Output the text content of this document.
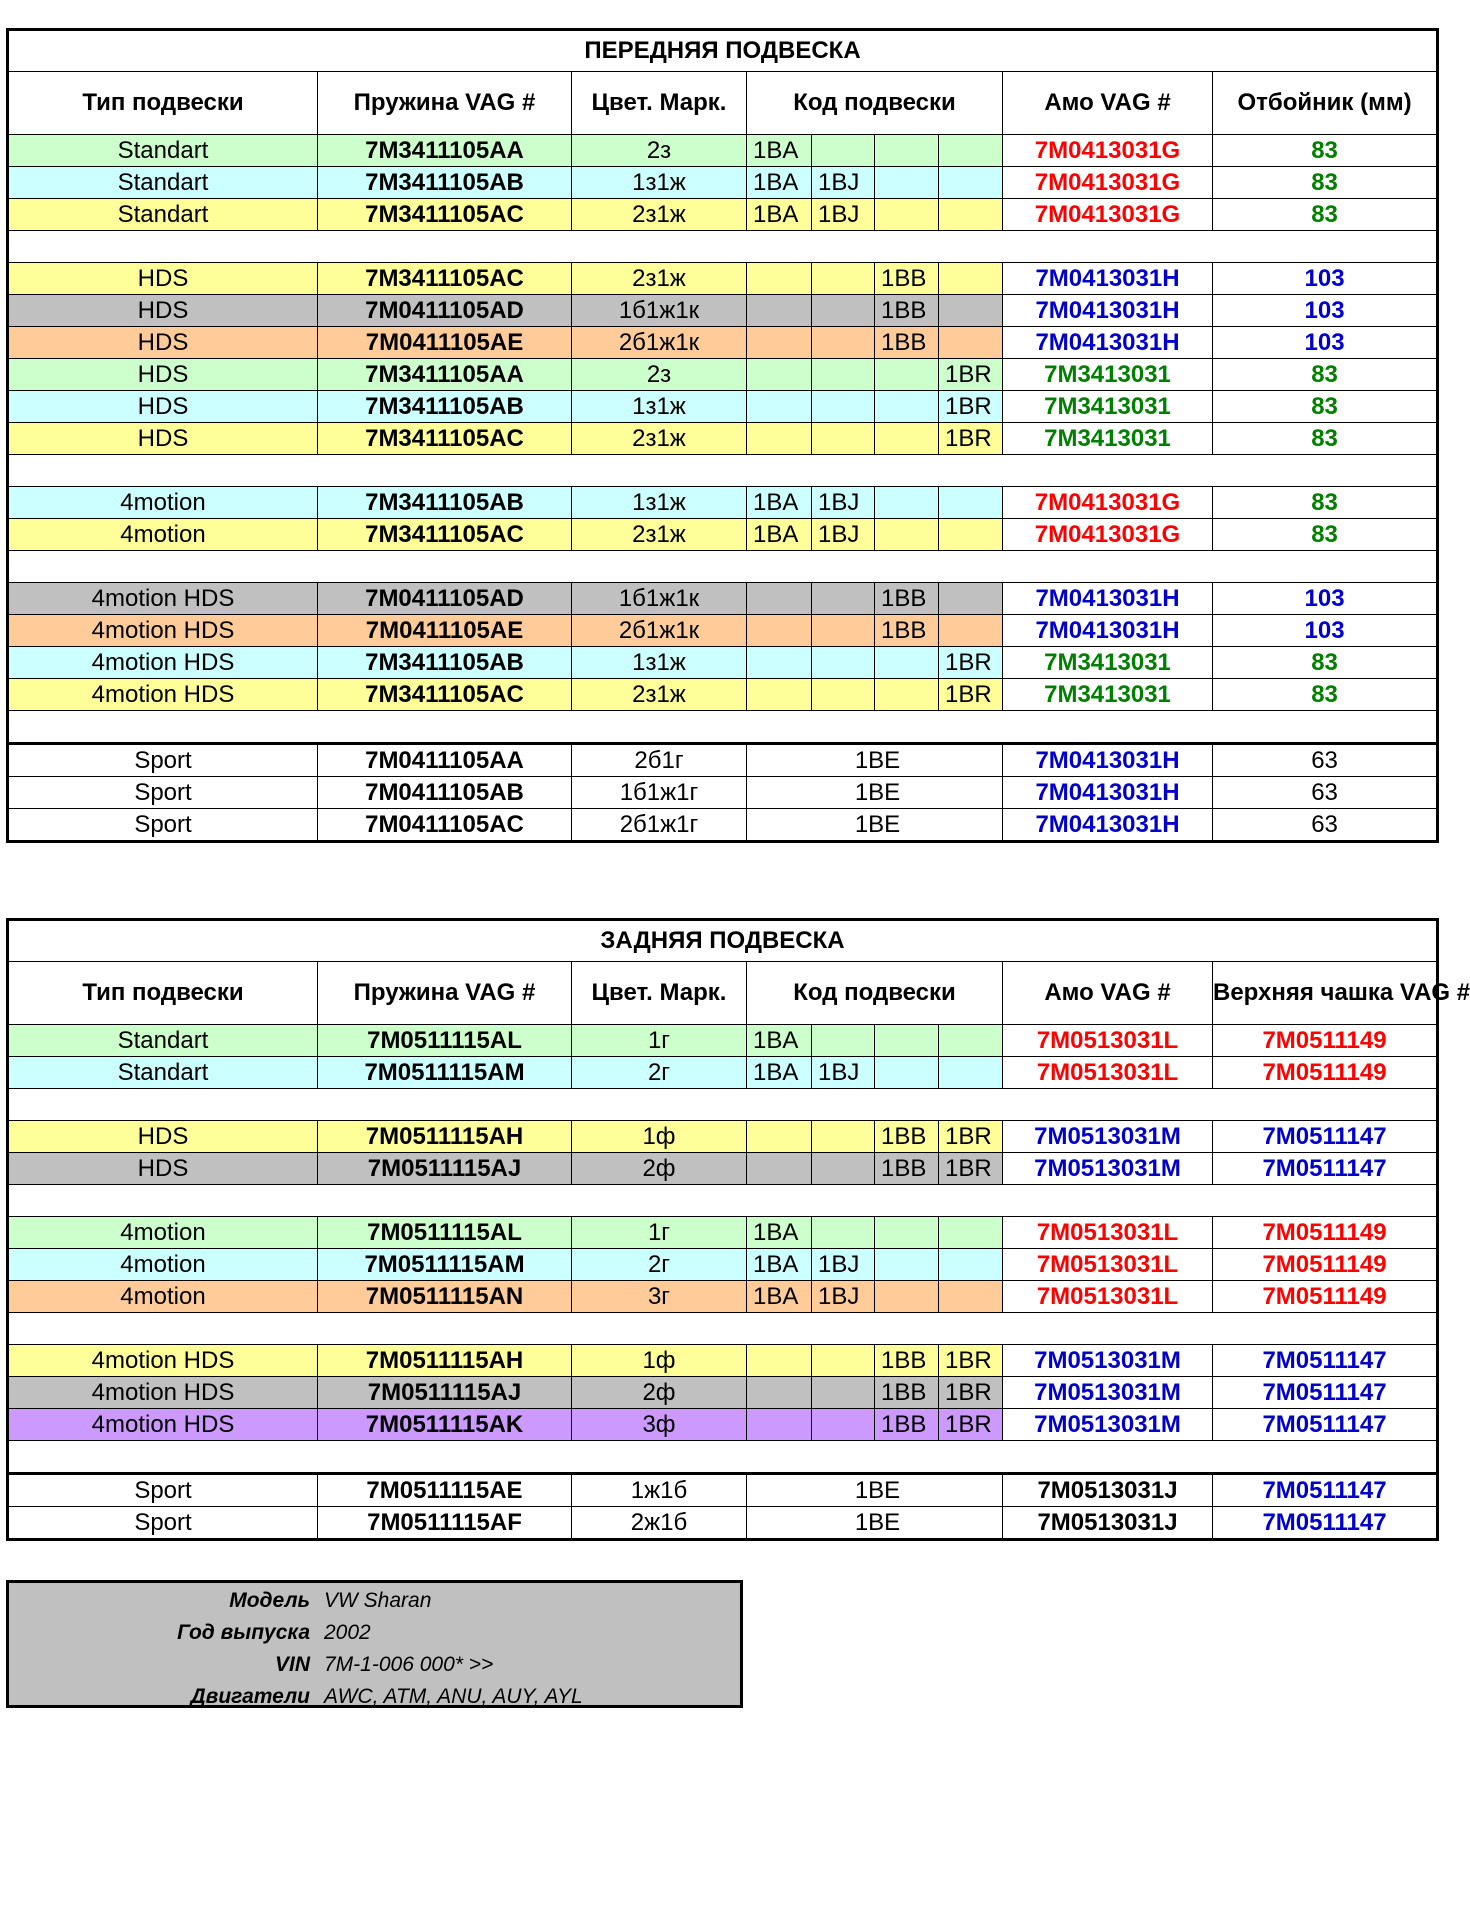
ПЕРЕДНЯЯ ПОДВЕСКА								
Тип подвески	Пружина VAG #	Цвет. Марк.	Код подвески				Амо VAG #	Отбойник (мм)
Standart	7M3411105AA	2з	1BA				7M0413031G	83
Standart	7M3411105AB	1з1ж	1BA	1BJ			7M0413031G	83
Standart	7M3411105AC	2з1ж	1BA	1BJ			7M0413031G	83

HDS	7M3411105AC	2з1ж			1BB		7M0413031H	103
HDS	7M0411105AD	1б1ж1к			1BB		7M0413031H	103
HDS	7M0411105AE	2б1ж1к			1BB		7M0413031H	103
HDS	7M3411105AA	2з				1BR	7M3413031	83
HDS	7M3411105AB	1з1ж				1BR	7M3413031	83
HDS	7M3411105AC	2з1ж				1BR	7M3413031	83

4motion	7M3411105AB	1з1ж	1BA	1BJ			7M0413031G	83
4motion	7M3411105AC	2з1ж	1BA	1BJ			7M0413031G	83

4motion HDS	7M0411105AD	1б1ж1к			1BB		7M0413031H	103
4motion HDS	7M0411105AE	2б1ж1к			1BB		7M0413031H	103
4motion HDS	7M3411105AB	1з1ж				1BR	7M3413031	83
4motion HDS	7M3411105AC	2з1ж				1BR	7M3413031	83

Sport	7M0411105AA	2б1г	1BE				7M0413031H	63
Sport	7M0411105AB	1б1ж1г	1BE				7M0413031H	63
Sport	7M0411105AC	2б1ж1г	1BE				7M0413031H	63
ЗАДНЯЯ ПОДВЕСКА								
Тип подвески	Пружина VAG #	Цвет. Марк.	Код подвески				Амо VAG #	Верхняя чашка VAG #
Standart	7M0511115AL	1г	1BA				7M0513031L	7M0511149
Standart	7M0511115AM	2г	1BA	1BJ			7M0513031L	7M0511149

HDS	7M0511115AH	1ф			1BB	1BR	7M0513031M	7M0511147
HDS	7M0511115AJ	2ф			1BB	1BR	7M0513031M	7M0511147

4motion	7M0511115AL	1г	1BA				7M0513031L	7M0511149
4motion	7M0511115AM	2г	1BA	1BJ			7M0513031L	7M0511149
4motion	7M0511115AN	3г	1BA	1BJ			7M0513031L	7M0511149

4motion HDS	7M0511115AH	1ф			1BB	1BR	7M0513031M	7M0511147
4motion HDS	7M0511115AJ	2ф			1BB	1BR	7M0513031M	7M0511147
4motion HDS	7M0511115AK	3ф			1BB	1BR	7M0513031M	7M0511147

Sport	7M0511115AE	1ж1б	1BE				7M0513031J	7M0511147
Sport	7M0511115AF	2ж1б	1BE				7M0513031J	7M0511147
Модель VW Sharan
Год выпуска 2002
VIN 7M-1-006 000* >>
Двигатели AWC, ATM, ANU, AUY, AYL
